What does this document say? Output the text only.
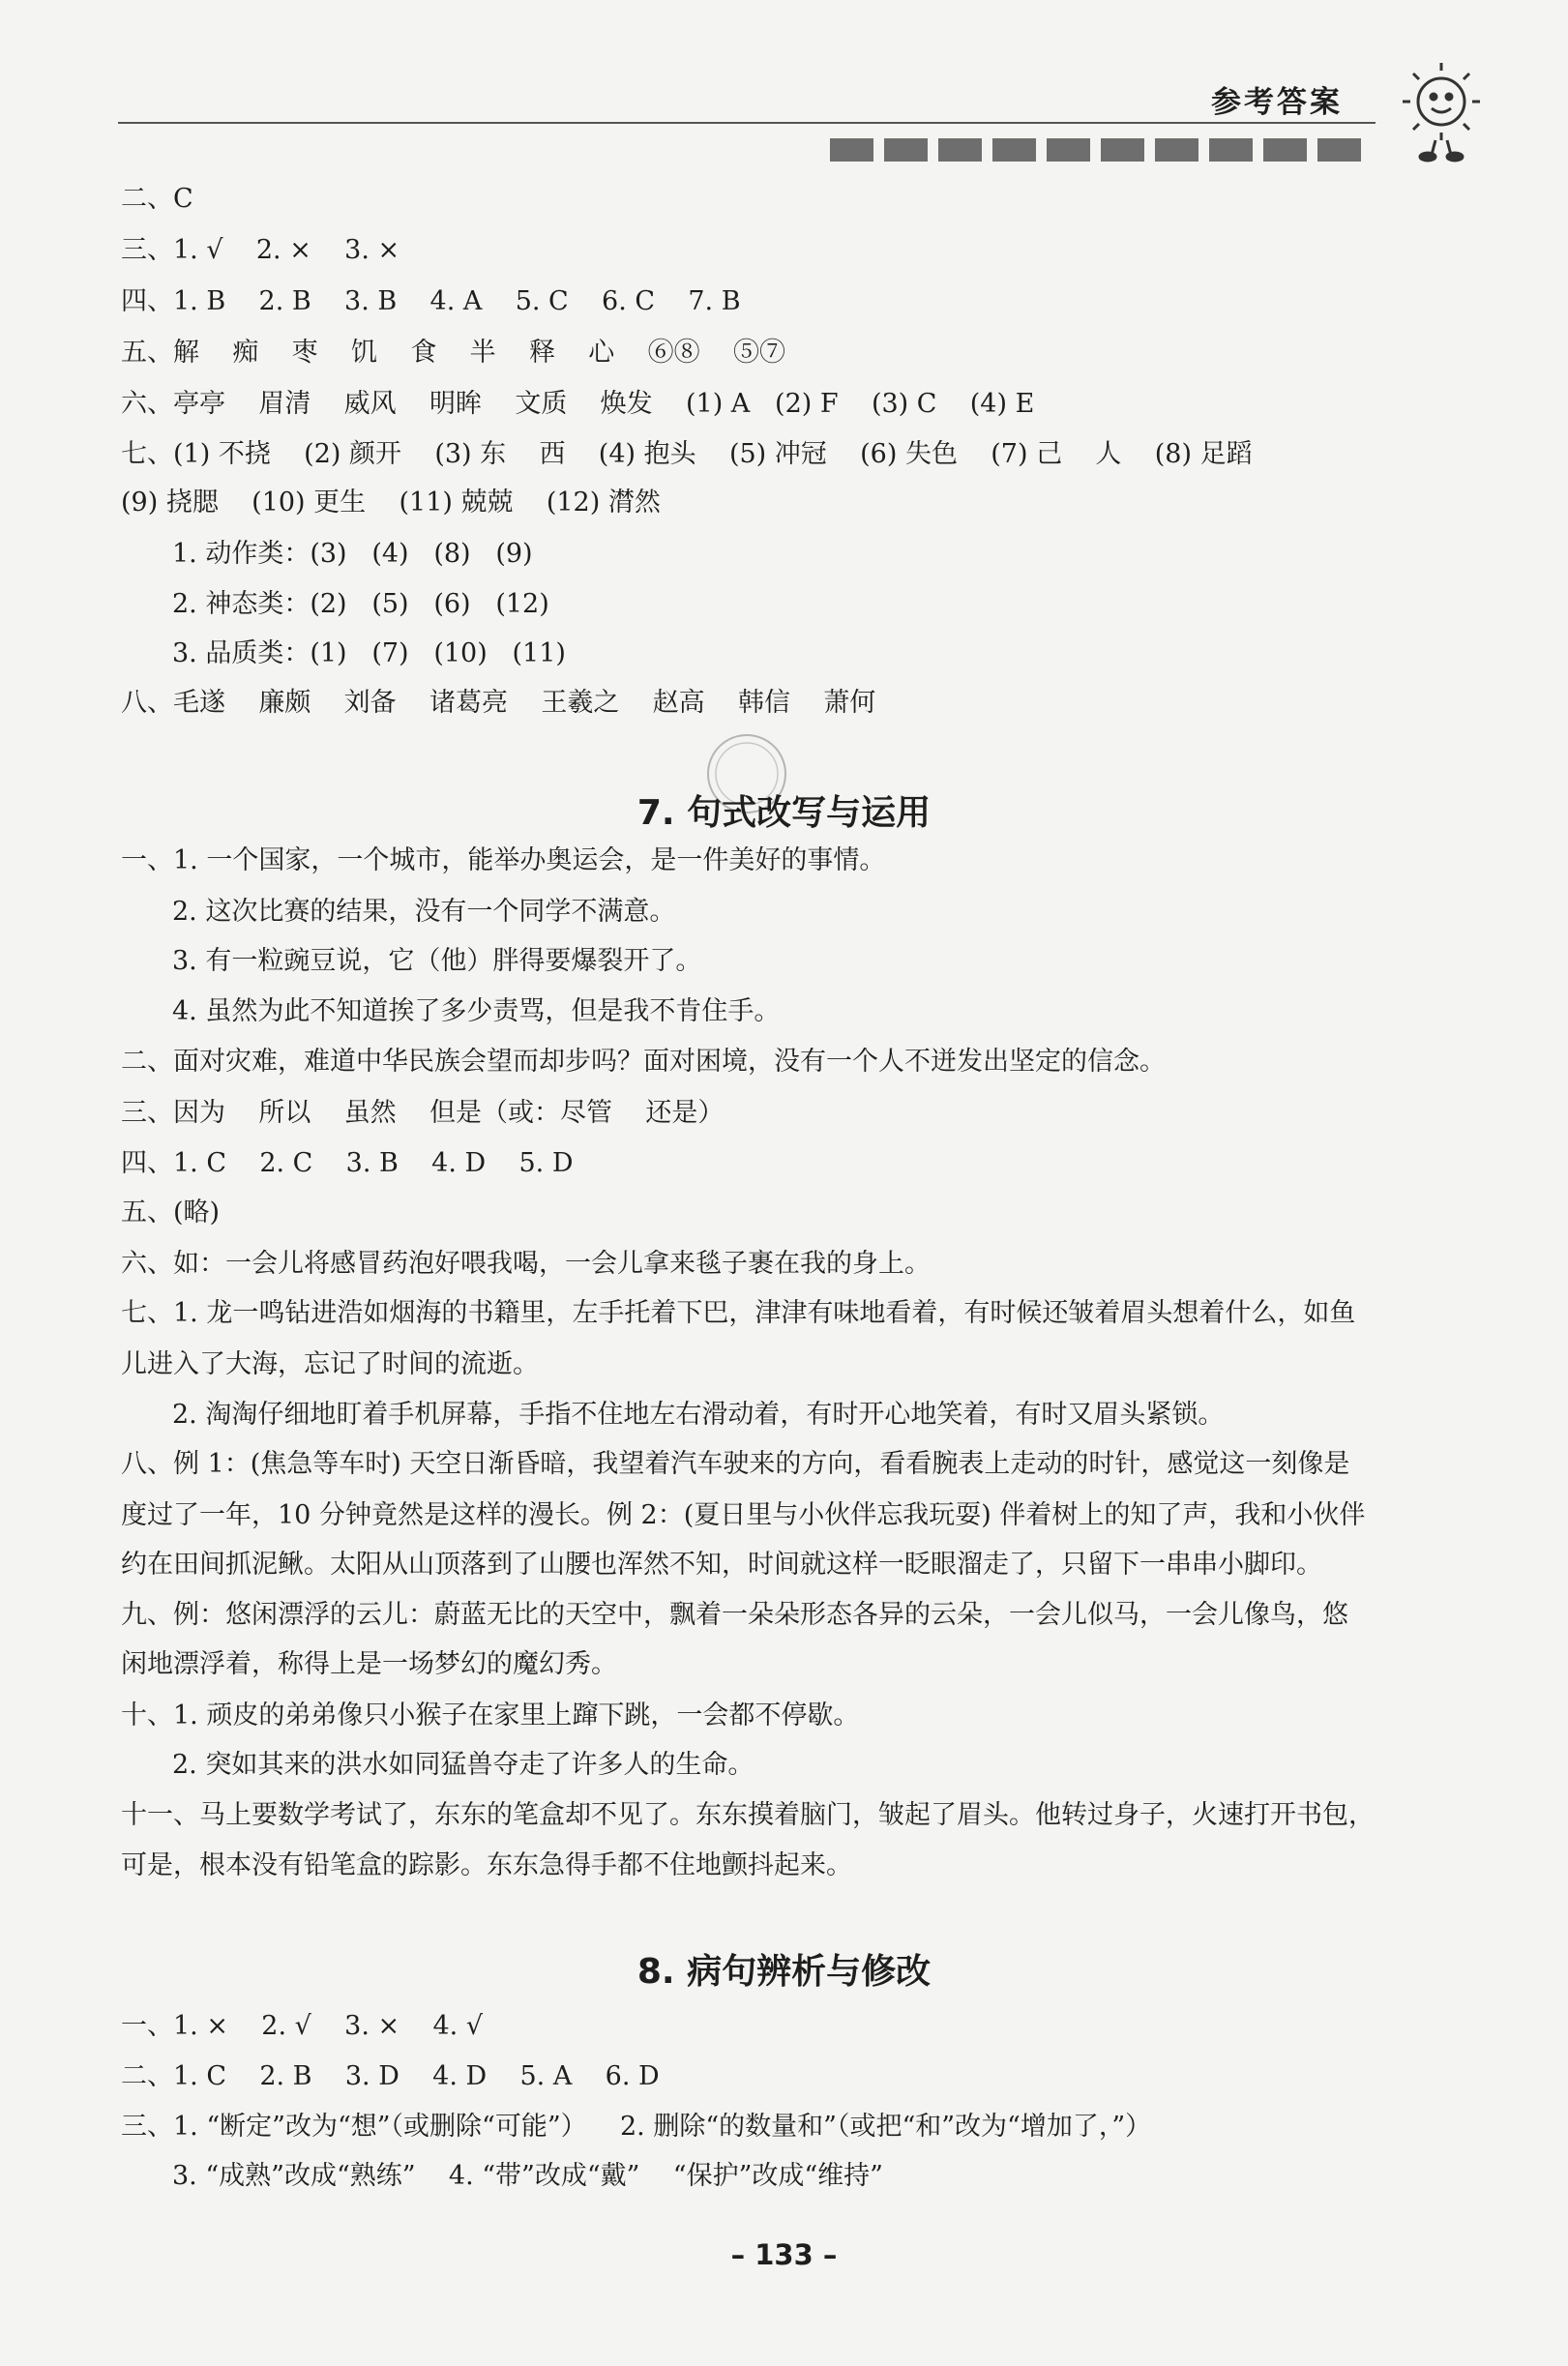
参考答案
二、C
三、1. √    2. ×    3. ×
四、1. B    2. B    3. B    4. A    5. C    6. C    7. B
五、解    痴    枣    饥    食    半    释    心    ⑥⑧    ⑤⑦
六、亭亭    眉清    威风    明眸    文质    焕发    (1) A   (2) F    (3) C    (4) E
七、(1) 不挠    (2) 颜开    (3) 东    西    (4) 抱头    (5) 冲冠    (6) 失色    (7) 己    人    (8) 足蹈
(9) 挠腮    (10) 更生    (11) 兢兢    (12) 潸然
1. 动作类：(3)   (4)   (8)   (9)
2. 神态类：(2)   (5)   (6)   (12)
3. 品质类：(1)   (7)   (10)   (11)
八、毛遂    廉颇    刘备    诸葛亮    王羲之    赵高    韩信    萧何
7. 句式改写与运用
一、1. 一个国家，一个城市，能举办奥运会，是一件美好的事情。
2. 这次比赛的结果，没有一个同学不满意。
3. 有一粒豌豆说，它（他）胖得要爆裂开了。
4. 虽然为此不知道挨了多少责骂，但是我不肯住手。
二、面对灾难，难道中华民族会望而却步吗？面对困境，没有一个人不迸发出坚定的信念。
三、因为    所以    虽然    但是（或：尽管    还是）
四、1. C    2. C    3. B    4. D    5. D
五、(略)
六、如：一会儿将感冒药泡好喂我喝，一会儿拿来毯子裹在我的身上。
七、1. 龙一鸣钻进浩如烟海的书籍里，左手托着下巴，津津有味地看着，有时候还皱着眉头想着什么，如鱼
儿进入了大海，忘记了时间的流逝。
2. 淘淘仔细地盯着手机屏幕，手指不住地左右滑动着，有时开心地笑着，有时又眉头紧锁。
八、例 1：(焦急等车时) 天空日渐昏暗，我望着汽车驶来的方向，看看腕表上走动的时针，感觉这一刻像是
度过了一年，10 分钟竟然是这样的漫长。例 2：(夏日里与小伙伴忘我玩耍) 伴着树上的知了声，我和小伙伴
约在田间抓泥鳅。太阳从山顶落到了山腰也浑然不知，时间就这样一眨眼溜走了，只留下一串串小脚印。
九、例：悠闲漂浮的云儿：蔚蓝无比的天空中，飘着一朵朵形态各异的云朵，一会儿似马，一会儿像鸟，悠
闲地漂浮着，称得上是一场梦幻的魔幻秀。
十、1. 顽皮的弟弟像只小猴子在家里上蹿下跳，一会都不停歇。
2. 突如其来的洪水如同猛兽夺走了许多人的生命。
十一、马上要数学考试了，东东的笔盒却不见了。东东摸着脑门，皱起了眉头。他转过身子，火速打开书包，
可是，根本没有铅笔盒的踪影。东东急得手都不住地颤抖起来。
8. 病句辨析与修改
一、1. ×    2. √    3. ×    4. √
二、1. C    2. B    3. D    4. D    5. A    6. D
三、1. “断定”改为“想”（或删除“可能”）    2. 删除“的数量和”（或把“和”改为“增加了，”）
3. “成熟”改成“熟练”    4. “带”改成“戴”    “保护”改成“维持”
– 133 –
